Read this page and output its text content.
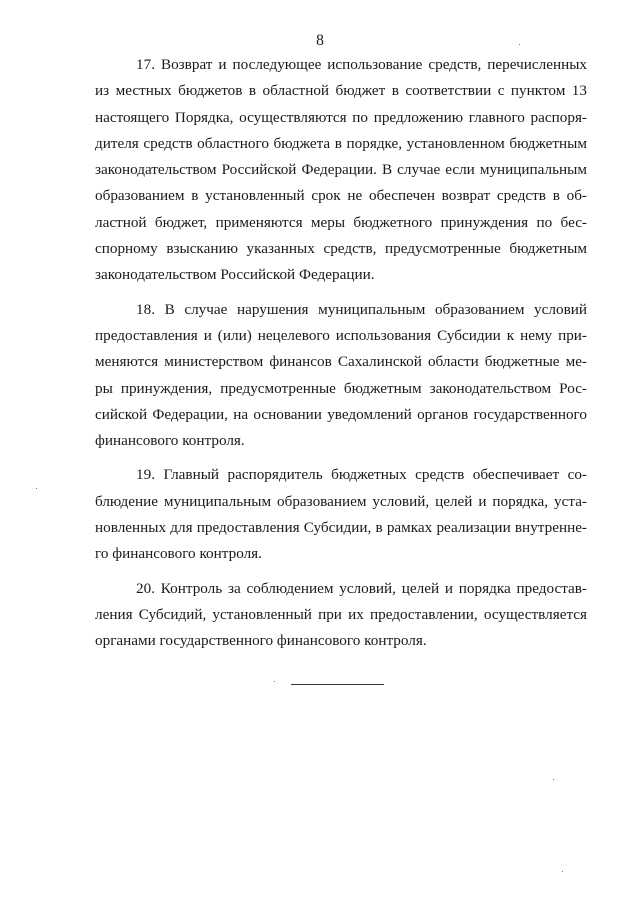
8
17. Возврат и последующее использование средств, перечисленных
из местных бюджетов в областной бюджет в соответствии с пунктом 13
настоящего Порядка, осуществляются по предложению главного распоря-
дителя средств областного бюджета в порядке, установленном бюджетным
законодательством Российской Федерации. В случае если муниципальным
образованием в установленный срок не обеспечен возврат средств в об-
ластной бюджет, применяются меры бюджетного принуждения по бес-
спорному взысканию указанных средств, предусмотренные бюджетным
законодательством Российской Федерации.
18. В случае нарушения муниципальным образованием условий
предоставления и (или) нецелевого использования Субсидии к нему при-
меняются министерством финансов Сахалинской области бюджетные ме-
ры принуждения, предусмотренные бюджетным законодательством Рос-
сийской Федерации, на основании уведомлений органов государственного
финансового контроля.
19. Главный распорядитель бюджетных средств обеспечивает со-
блюдение муниципальным образованием условий, целей и порядка, уста-
новленных для предоставления Субсидии, в рамках реализации внутренне-
го финансового контроля.
20. Контроль за соблюдением условий, целей и порядка предостав-
ления Субсидий, установленный при их предоставлении, осуществляется
органами государственного финансового контроля.
